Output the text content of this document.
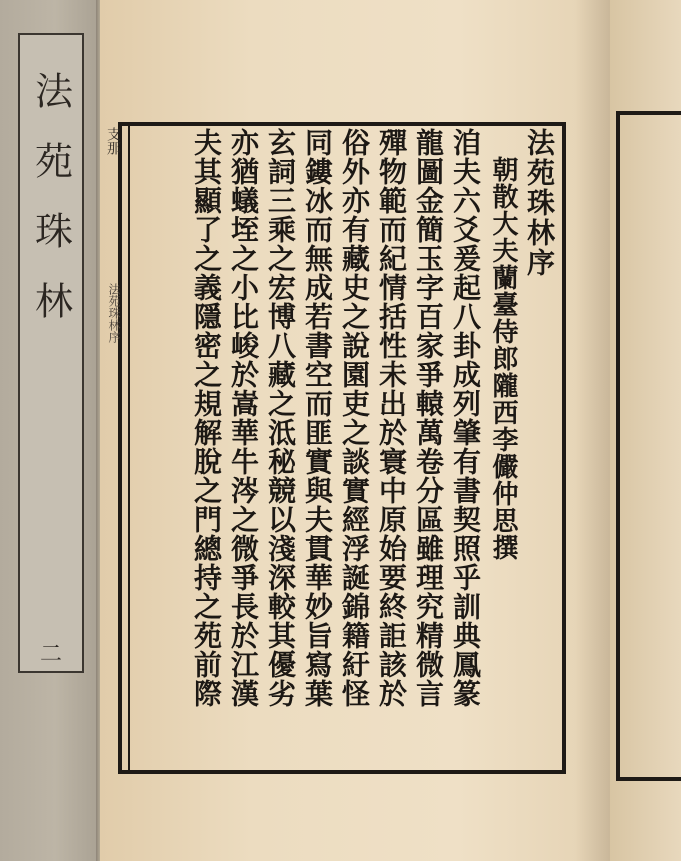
法苑珠林
二
支那
法苑珠林序
法苑珠林序
朝散大夫蘭臺侍郎隴西李儼仲思撰
洎夫六爻爰起八卦成列肇有書契照乎訓典鳳篆
龍圖金簡玉字百家爭轅萬卷分區雖理究精微言
殫物範而紀情括性未出於寰中原始要終詎該於
俗外亦有藏史之說園吏之談實經浮誕錦籍紆怪
同鏤冰而無成若書空而匪實與夫貫華妙旨寫葉
玄詞三乘之宏博八藏之泜秘競以淺深較其優劣
亦猶蟻垤之小比峻於嵩華牛涔之微爭長於江漢
夫其顯了之義隱密之規解脫之門總持之苑前際
